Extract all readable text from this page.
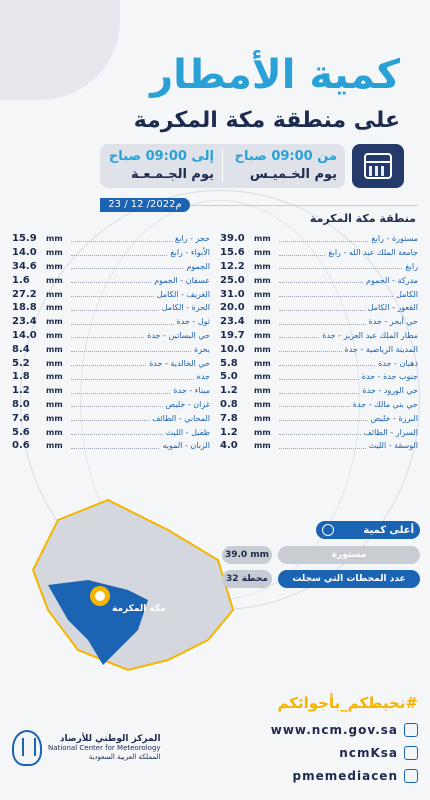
كمية الأمطار
على منطقة مكة المكرمة
من 09:00 صباح
يوم الخـميـس
إلى 09:00 صباح
يوم الجـمـعـة
23 / 12 /2022م
منطقة مكة المكرمة
15.9	mm	حجر - رابغ
14.0	mm	الأبواء - رابغ
34.6	mm	الجموم
1.6	mm	عسفان - الجموم
27.2	mm	الغريف - الكامل
18.8	mm	الحرة - الكامل
23.4	mm	ثول - جدة
14.0	mm	حي البساتين - جدة
8.4	mm	بحرة
5.2	mm	حي الخالدية - جدة
1.8	mm	جدة
1.2	mm	ميناء - جدة
8.0	mm	غران - خليص
7.6	mm	المحاني - الطائف
5.6	mm	ظفيل - الليث
0.6	mm	الزبان - المويه
39.0	mm	مستورة - رابغ
15.6	mm	جامعة الملك عبد الله - رابغ
12.2	mm	رابغ
25.0	mm	مدركة - الجموم
31.0	mm	الكامل
20.0	mm	القعور - الكامل
23.4	mm	حي أبحر - جدة
19.7	mm	مطار الملك عبد العزيز - جدة
10.0	mm	المدينة الرياضية - جدة
5.8	mm	ذهبان - جدة
5.0	mm	جنوب جدة - جدة
1.2	mm	حي الورود - جدة
0.8	mm	حي بني مالك - جدة
7.8	mm	البرزة - خليص
1.2	mm	السرار - الطائف
4.0	mm	الوسقة - الليث
مكة المكرمة
أعلى كمية
39.0 mm	مستورة
32 محطة	عدد المحطات التي سجلت
#نحيطكم_بأجوائكم
www.ncm.gov.sa
ncmKsa
pmemediacen
المركز الوطني للأرصاد
National Center for Meteorology
المملكة العربية السعودية
